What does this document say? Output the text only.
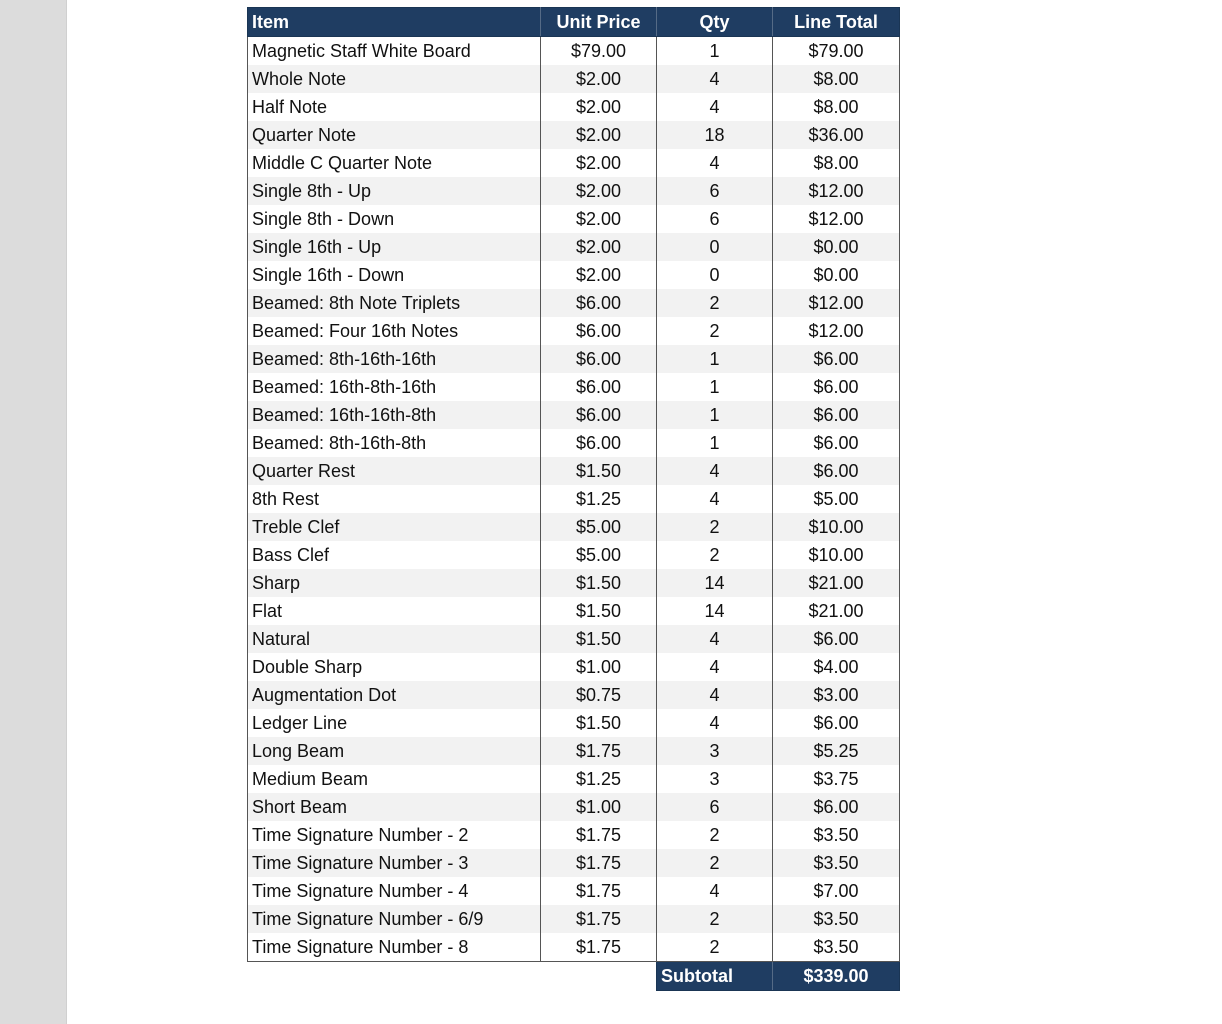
Item	Unit Price	Qty	Line Total
Magnetic Staff White Board	$79.00	1	$79.00
Whole Note	$2.00	4	$8.00
Half Note	$2.00	4	$8.00
Quarter Note	$2.00	18	$36.00
Middle C Quarter Note	$2.00	4	$8.00
Single 8th - Up	$2.00	6	$12.00
Single 8th - Down	$2.00	6	$12.00
Single 16th - Up	$2.00	0	$0.00
Single 16th - Down	$2.00	0	$0.00
Beamed: 8th Note Triplets	$6.00	2	$12.00
Beamed: Four 16th Notes	$6.00	2	$12.00
Beamed: 8th-16th-16th	$6.00	1	$6.00
Beamed: 16th-8th-16th	$6.00	1	$6.00
Beamed: 16th-16th-8th	$6.00	1	$6.00
Beamed: 8th-16th-8th	$6.00	1	$6.00
Quarter Rest	$1.50	4	$6.00
8th Rest	$1.25	4	$5.00
Treble Clef	$5.00	2	$10.00
Bass Clef	$5.00	2	$10.00
Sharp	$1.50	14	$21.00
Flat	$1.50	14	$21.00
Natural	$1.50	4	$6.00
Double Sharp	$1.00	4	$4.00
Augmentation Dot	$0.75	4	$3.00
Ledger Line	$1.50	4	$6.00
Long Beam	$1.75	3	$5.25
Medium Beam	$1.25	3	$3.75
Short Beam	$1.00	6	$6.00
Time Signature Number - 2	$1.75	2	$3.50
Time Signature Number - 3	$1.75	2	$3.50
Time Signature Number - 4	$1.75	4	$7.00
Time Signature Number - 6/9	$1.75	2	$3.50
Time Signature Number - 8	$1.75	2	$3.50
		Subtotal	$339.00
